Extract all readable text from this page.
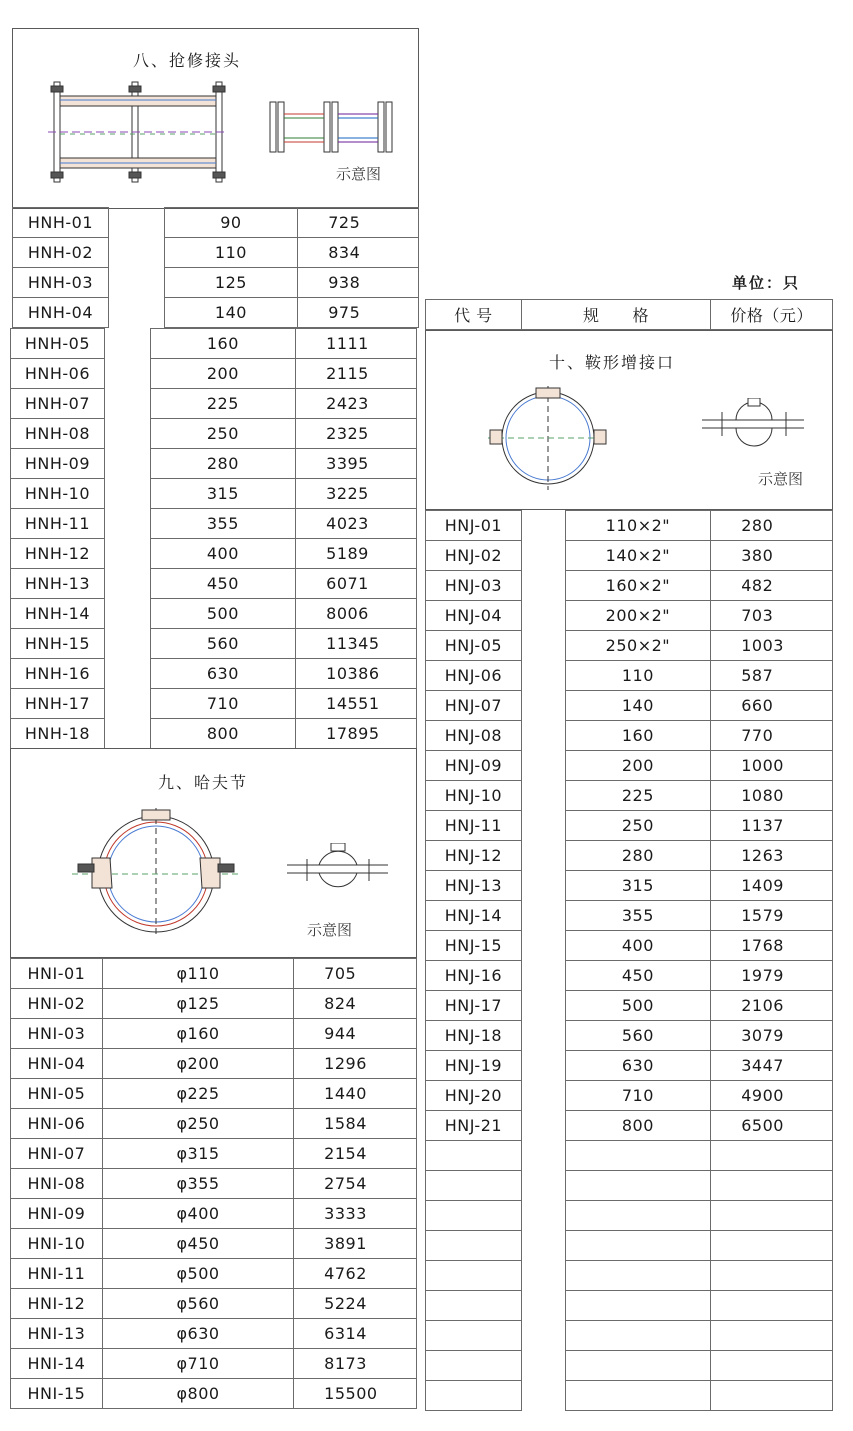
八、抢修接头
示意图
HNH-01		90	725
HNH-02		110	834
HNH-03		125	938
HNH-04		140	975
HNH-05		160	1111
HNH-06		200	2115
HNH-07		225	2423
HNH-08		250	2325
HNH-09		280	3395
HNH-10		315	3225
HNH-11		355	4023
HNH-12		400	5189
HNH-13		450	6071
HNH-14		500	8006
HNH-15		560	11345
HNH-16		630	10386
HNH-17		710	14551
HNH-18		800	17895
九、哈夫节
示意图
HNI-01	φ110	705
HNI-02	φ125	824
HNI-03	φ160	944
HNI-04	φ200	1296
HNI-05	φ225	1440
HNI-06	φ250	1584
HNI-07	φ315	2154
HNI-08	φ355	2754
HNI-09	φ400	3333
HNI-10	φ450	3891
HNI-11	φ500	4762
HNI-12	φ560	5224
HNI-13	φ630	6314
HNI-14	φ710	8173
HNI-15	φ800	15500
单位：只
代 号	规　　格	价格（元）
十、鞍形增接口
示意图
HNJ-01		110×2"	280
HNJ-02		140×2"	380
HNJ-03		160×2"	482
HNJ-04		200×2"	703
HNJ-05		250×2"	1003
HNJ-06		110	587
HNJ-07		140	660
HNJ-08		160	770
HNJ-09		200	1000
HNJ-10		225	1080
HNJ-11		250	1137
HNJ-12		280	1263
HNJ-13		315	1409
HNJ-14		355	1579
HNJ-15		400	1768
HNJ-16		450	1979
HNJ-17		500	2106
HNJ-18		560	3079
HNJ-19		630	3447
HNJ-20		710	4900
HNJ-21		800	6500
